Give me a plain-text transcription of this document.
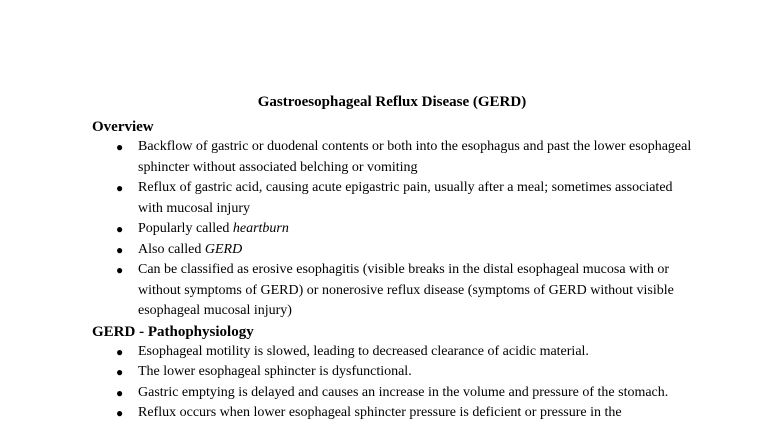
Gastroesophageal Reflux Disease (GERD)
Overview
● Backflow of gastric or duodenal contents or both into the esophagus and past the lower esophageal sphincter without associated belching or vomiting
● Reflux of gastric acid, causing acute epigastric pain, usually after a meal; sometimes associated with mucosal injury
● Popularly called heartburn
● Also called GERD
● Can be classified as erosive esophagitis (visible breaks in the distal esophageal mucosa with or without symptoms of GERD) or nonerosive reflux disease (symptoms of GERD without visible esophageal mucosal injury)
GERD - Pathophysiology
● Esophageal motility is slowed, leading to decreased clearance of acidic material.
● The lower esophageal sphincter is dysfunctional.
● Gastric emptying is delayed and causes an increase in the volume and pressure of the stomach.
● Reflux occurs when lower esophageal sphincter pressure is deficient or pressure in the
